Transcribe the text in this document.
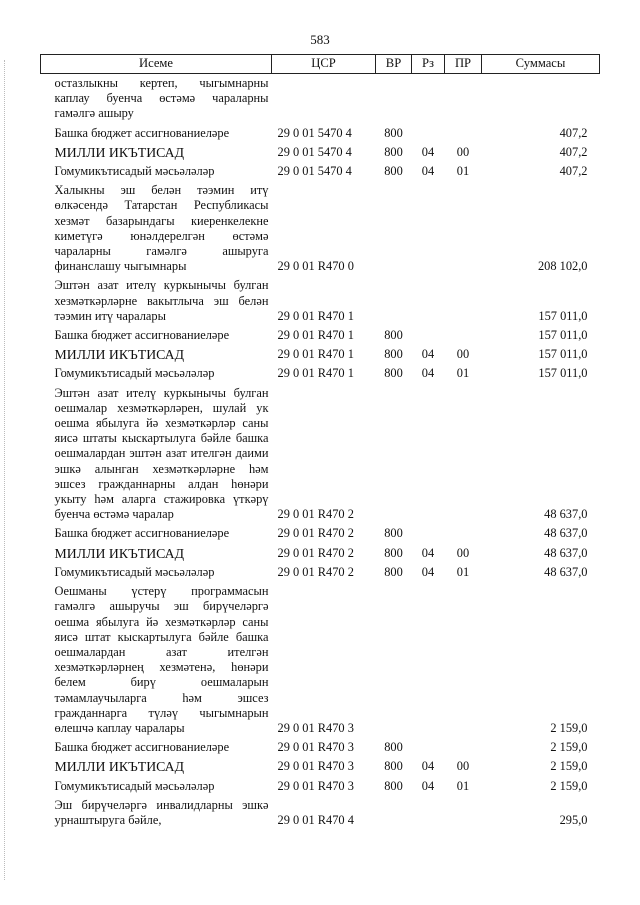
583
Исеме	ЦСР	ВР	Рз	ПР	Суммасы
остазлыкны кертеп, чыгымнарны каплау буенча өстәмә чараларны гамәлгә ашыру					
Башка бюджет ассигнованиеләре	29 0 01 5470 4	800			407,2
МИЛЛИ ИКЪТИСАД	29 0 01 5470 4	800	04	00	407,2
Гомумикътисадый мәсьәләләр	29 0 01 5470 4	800	04	01	407,2
Халыкны эш белән тәэмин итү өлкәсендә Татарстан Республикасы хезмәт базарындагы киеренкелекне киметүгә юнәлдерелгән өстәмә чараларны гамәлгә ашыруга финанслашу чыгымнары	29 0 01 R470 0				208 102,0
Эштән азат ителү куркынычы булган хезмәткәрләрне вакытлыча эш белән тәэмин итү чаралары	29 0 01 R470 1				157 011,0
Башка бюджет ассигнованиеләре	29 0 01 R470 1	800			157 011,0
МИЛЛИ ИКЪТИСАД	29 0 01 R470 1	800	04	00	157 011,0
Гомумикътисадый мәсьәләләр	29 0 01 R470 1	800	04	01	157 011,0
Эштән азат ителү куркынычы булган оешмалар хезмәткәрләрен, шулай ук оешма ябылуга йә хезмәткәрләр саны яисә штаты кыскартылуга бәйле башка оешмалардан эштән азат ителгән даими эшкә алынган хезмәткәрләрне һәм эшсез гражданнарны алдан һөнәри укыту һәм аларга стажировка үткәрү буенча өстәмә чаралар	29 0 01 R470 2				48 637,0
Башка бюджет ассигнованиеләре	29 0 01 R470 2	800			48 637,0
МИЛЛИ ИКЪТИСАД	29 0 01 R470 2	800	04	00	48 637,0
Гомумикътисадый мәсьәләләр	29 0 01 R470 2	800	04	01	48 637,0
Оешманы үстерү программасын гамәлгә ашыручы эш бирүчеләргә оешма ябылуга йә хезмәткәрләр саны яисә штат кыскартылуга бәйле башка оешмалардан азат ителгән хезмәткәрләрнең хезмәтенә, һөнәри белем бирү оешмаларын тәмамлаучыларга һәм эшсез гражданнарга түләү чыгымнарын өлешчә каплау чаралары	29 0 01 R470 3				2 159,0
Башка бюджет ассигнованиеләре	29 0 01 R470 3	800			2 159,0
МИЛЛИ ИКЪТИСАД	29 0 01 R470 3	800	04	00	2 159,0
Гомумикътисадый мәсьәләләр	29 0 01 R470 3	800	04	01	2 159,0
Эш бирүчеләргә инвалидларны эшкә урнаштыруга бәйле,	29 0 01 R470 4				295,0
